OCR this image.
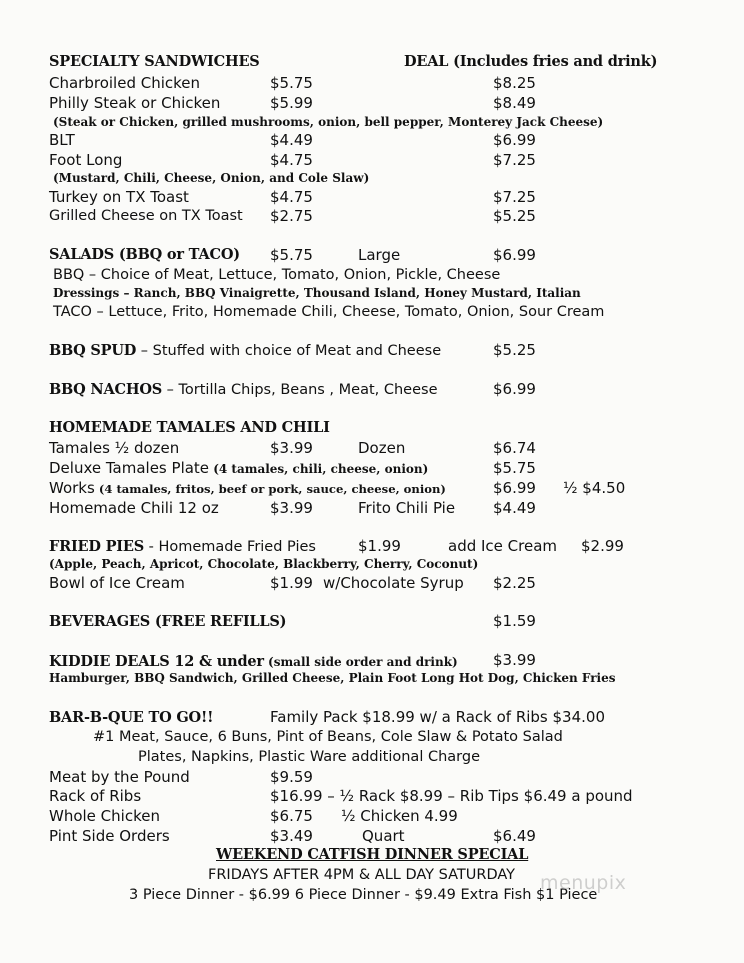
SPECIALTY SANDWICHES	DEAL (Includes fries and drink)
Charbroiled Chicken	$5.75	$8.25
Philly Steak or Chicken	$5.99	$8.49
(Steak or Chicken, grilled mushrooms, onion, bell pepper, Monterey Jack Cheese)
BLT	$4.49	$6.99
Foot Long	$4.75	$7.25
(Mustard, Chili, Cheese, Onion, and Cole Slaw)
Turkey on TX Toast	$4.75	$7.25
Grilled Cheese on TX Toast $2.75	$5.25
SALADS (BBQ or TACO) $5.75	Large	$6.99
BBQ – Choice of Meat, Lettuce, Tomato, Onion, Pickle, Cheese
Dressings – Ranch, BBQ Vinaigrette, Thousand Island, Honey Mustard, Italian
TACO – Lettuce, Frito, Homemade Chili, Cheese, Tomato, Onion, Sour Cream
BBQ SPUD – Stuffed with choice of Meat and Cheese	$5.25
BBQ NACHOS – Tortilla Chips, Beans , Meat, Cheese	$6.99
HOMEMADE TAMALES AND CHILI
Tamales ½ dozen	$3.99	Dozen	$6.74
Deluxe Tamales Plate (4 tamales, chili, cheese, onion)	$5.75
Works (4 tamales, fritos, beef or pork, sauce, cheese, onion)	$6.99 ½ $4.50
Homemade Chili 12 oz	$3.99	Frito Chili Pie	$4.49
FRIED PIES - Homemade Fried Pies	$1.99	add Ice Cream $2.99
(Apple, Peach, Apricot, Chocolate, Blackberry, Cherry, Coconut)
Bowl of Ice Cream	$1.99 w/Chocolate Syrup $2.25
BEVERAGES (FREE REFILLS)	$1.59
KIDDIE DEALS 12 & under (small side order and drink) $3.99
Hamburger, BBQ Sandwich, Grilled Cheese, Plain Foot Long Hot Dog, Chicken Fries
BAR-B-QUE TO GO!!	Family Pack $18.99 w/ a Rack of Ribs $34.00
#1 Meat, Sauce, 6 Buns, Pint of Beans, Cole Slaw & Potato Salad
Plates, Napkins, Plastic Ware additional Charge
Meat by the Pound	$9.59
Rack of Ribs	$16.99 – ½ Rack $8.99 – Rib Tips $6.49 a pound
Whole Chicken	$6.75 ½ Chicken 4.99
Pint Side Orders	$3.49	Quart	$6.49
WEEKEND CATFISH DINNER SPECIAL
FRIDAYS AFTER 4PM & ALL DAY SATURDAY
3 Piece Dinner - $6.99 6 Piece Dinner - $9.49 Extra Fish $1 Piece
menupix
